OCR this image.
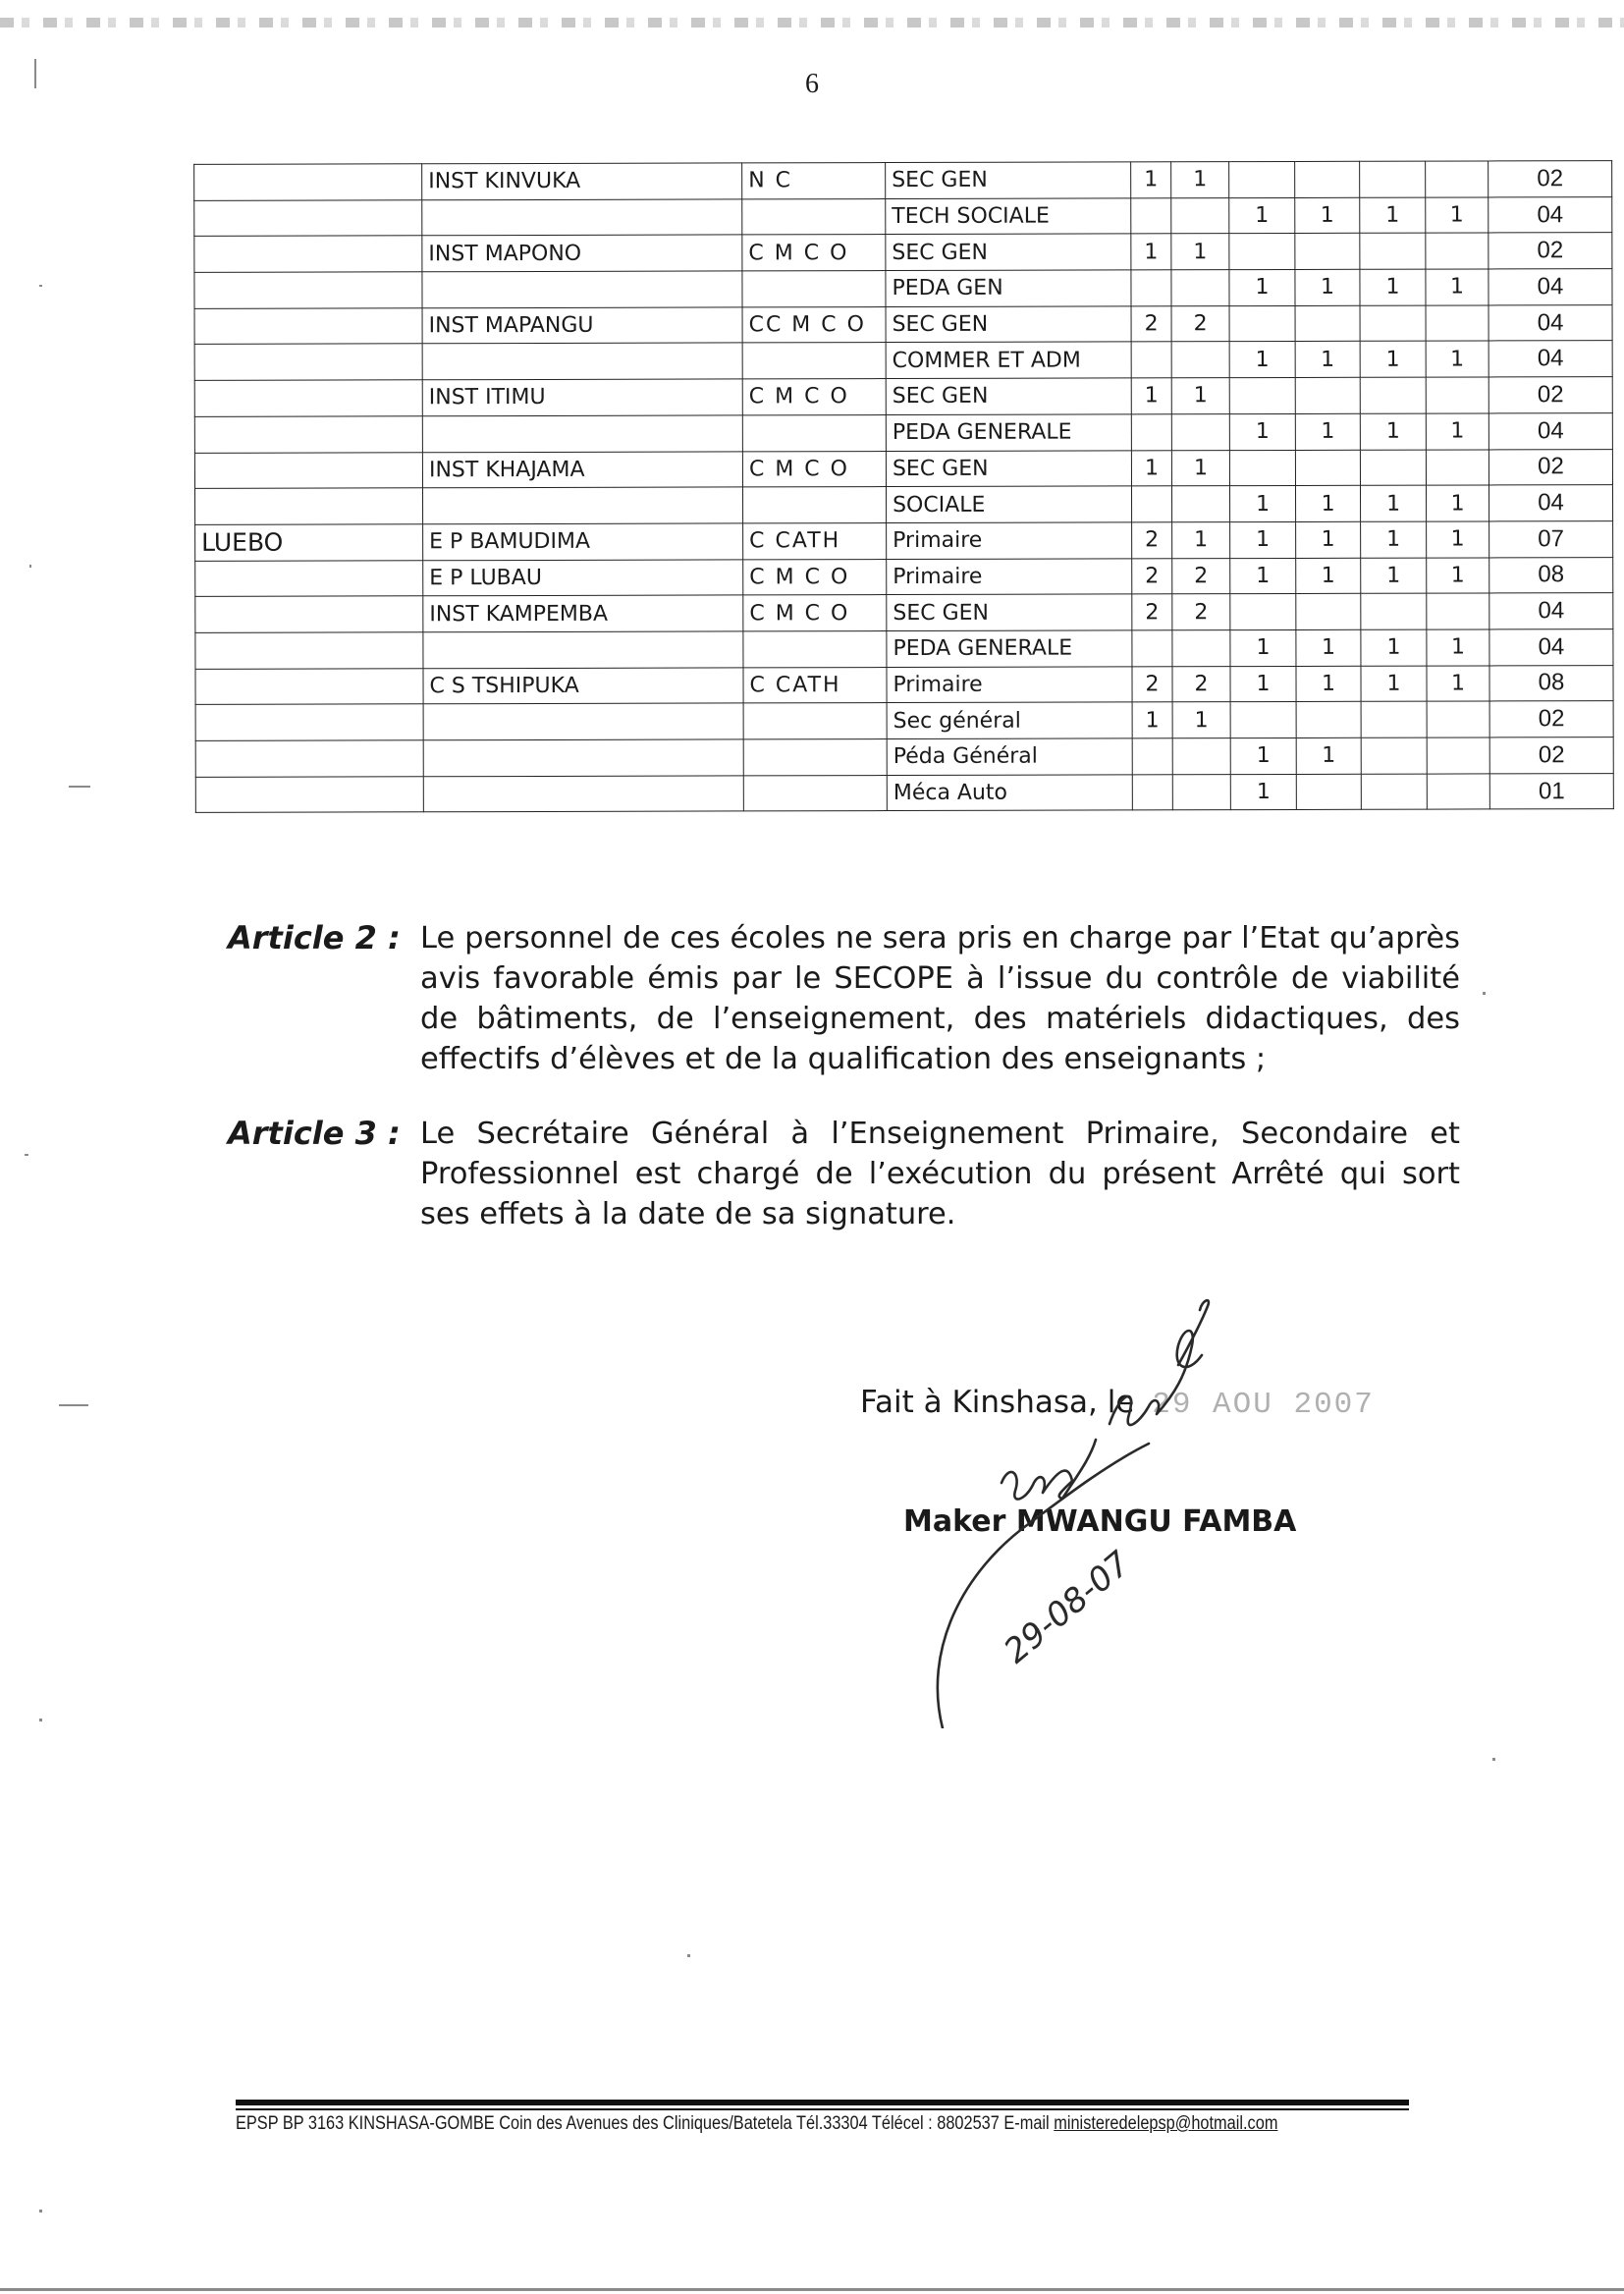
6
	INST KINVUKA	N C	SEC GEN	1	1					02
			TECH SOCIALE			1	1	1	1	04
	INST MAPONO	C M C O	SEC GEN	1	1					02
			PEDA GEN			1	1	1	1	04
	INST MAPANGU	CC M C O	SEC GEN	2	2					04
			COMMER ET ADM			1	1	1	1	04
	INST ITIMU	C M C O	SEC GEN	1	1					02
			PEDA GENERALE			1	1	1	1	04
	INST KHAJAMA	C M C O	SEC GEN	1	1					02
			SOCIALE			1	1	1	1	04
LUEBO	E P BAMUDIMA	C CATH	Primaire	2	1	1	1	1	1	07
	E P LUBAU	C M C O	Primaire	2	2	1	1	1	1	08
	INST KAMPEMBA	C M C O	SEC GEN	2	2					04
			PEDA GENERALE			1	1	1	1	04
	C S TSHIPUKA	C CATH	Primaire	2	2	1	1	1	1	08
			Sec général	1	1					02
			Péda Général			1	1			02
			Méca Auto			1				01
Article 2 : Le personnel de ces écoles ne sera pris en charge par l’Etat qu’après avis favorable émis par le SECOPE à l’issue du contrôle de viabilité de bâtiments, de l’enseignement, des matériels didactiques, des effectifs d’élèves et de la qualification des enseignants ;
Article 3 : Le Secrétaire Général à l’Enseignement Primaire, Secondaire et Professionnel est chargé de l’exécution du présent Arrêté qui sort ses effets à la date de sa signature.
Fait à Kinshasa, le 29 AOU 2007
Maker MWANGU FAMBA
29-08-07
EPSP BP 3163 KINSHASA-GOMBE Coin des Avenues des Cliniques/Batetela Tél.33304 Télécel : 8802537 E-mail ministeredelepsp@hotmail.com
